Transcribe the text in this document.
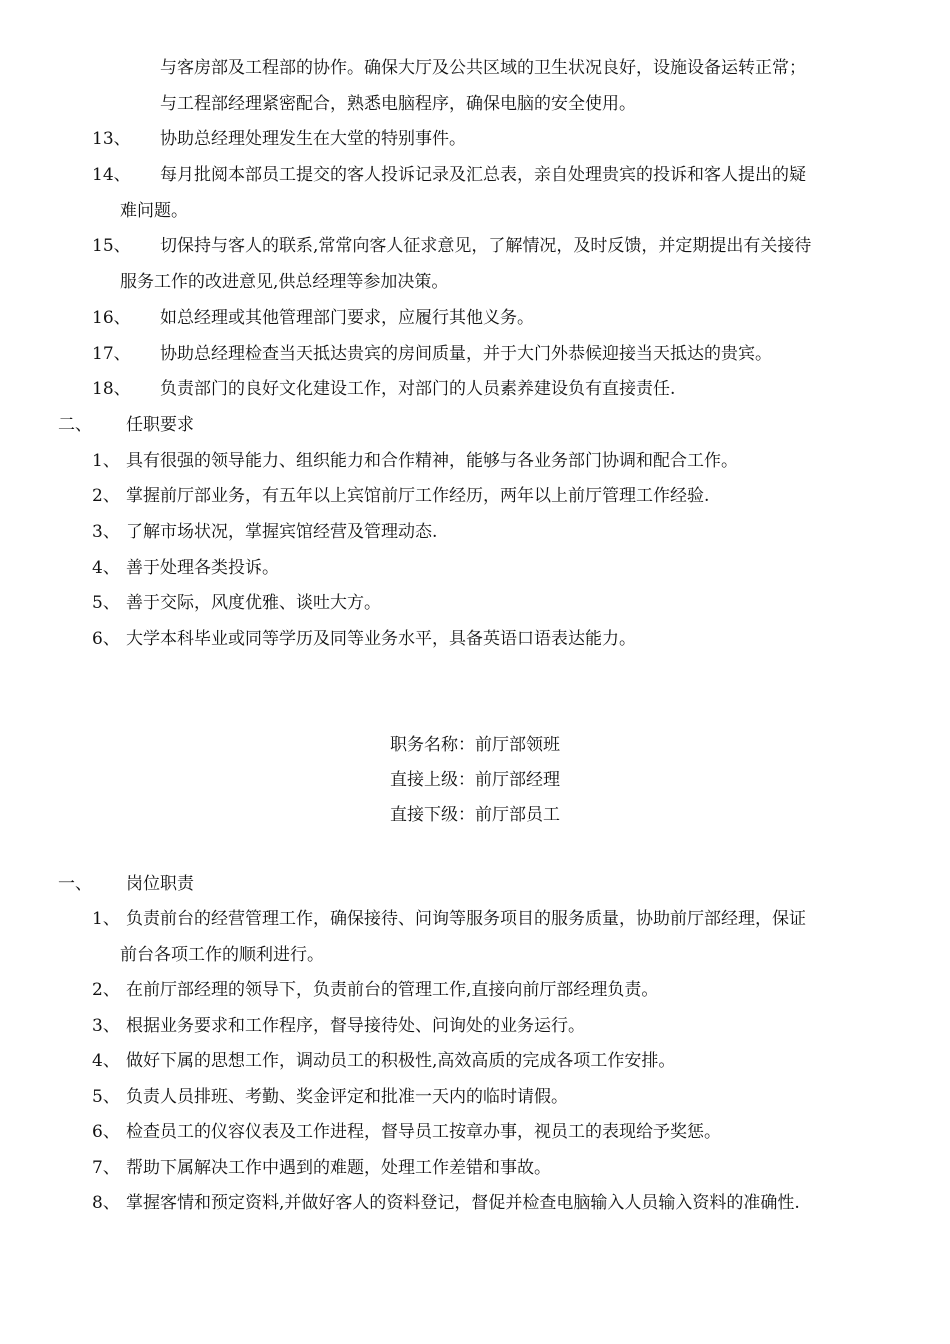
与客房部及工程部的协作。确保大厅及公共区域的卫生状况良好，设施设备运转正常；
与工程部经理紧密配合，熟悉电脑程序，确保电脑的安全使用。
13、 协助总经理处理发生在大堂的特别事件。
14、 每月批阅本部员工提交的客人投诉记录及汇总表，亲自处理贵宾的投诉和客人提出的疑
难问题。
15、 切保持与客人的联系,常常向客人征求意见，了解情况，及时反馈，并定期提出有关接待
服务工作的改进意见,供总经理等参加决策。
16、 如总经理或其他管理部门要求，应履行其他义务。
17、 协助总经理检查当天抵达贵宾的房间质量，并于大门外恭候迎接当天抵达的贵宾。
18、 负责部门的良好文化建设工作，对部门的人员素养建设负有直接责任.
二、 任职要求
1、 具有很强的领导能力、组织能力和合作精神，能够与各业务部门协调和配合工作。
2、 掌握前厅部业务，有五年以上宾馆前厅工作经历，两年以上前厅管理工作经验.
3、 了解市场状况，掌握宾馆经营及管理动态.
4、 善于处理各类投诉。
5、 善于交际，风度优雅、谈吐大方。
6、 大学本科毕业或同等学历及同等业务水平，具备英语口语表达能力。
职务名称：前厅部领班
直接上级：前厅部经理
直接下级：前厅部员工
一、 岗位职责
1、 负责前台的经营管理工作，确保接待、问询等服务项目的服务质量，协助前厅部经理，保证
前台各项工作的顺利进行。
2、 在前厅部经理的领导下，负责前台的管理工作,直接向前厅部经理负责。
3、 根据业务要求和工作程序，督导接待处、问询处的业务运行。
4、 做好下属的思想工作，调动员工的积极性,高效高质的完成各项工作安排。
5、 负责人员排班、考勤、奖金评定和批准一天内的临时请假。
6、 检查员工的仪容仪表及工作进程，督导员工按章办事，视员工的表现给予奖惩。
7、 帮助下属解决工作中遇到的难题，处理工作差错和事故。
8、 掌握客情和预定资料,并做好客人的资料登记，督促并检查电脑输入人员输入资料的准确性.
